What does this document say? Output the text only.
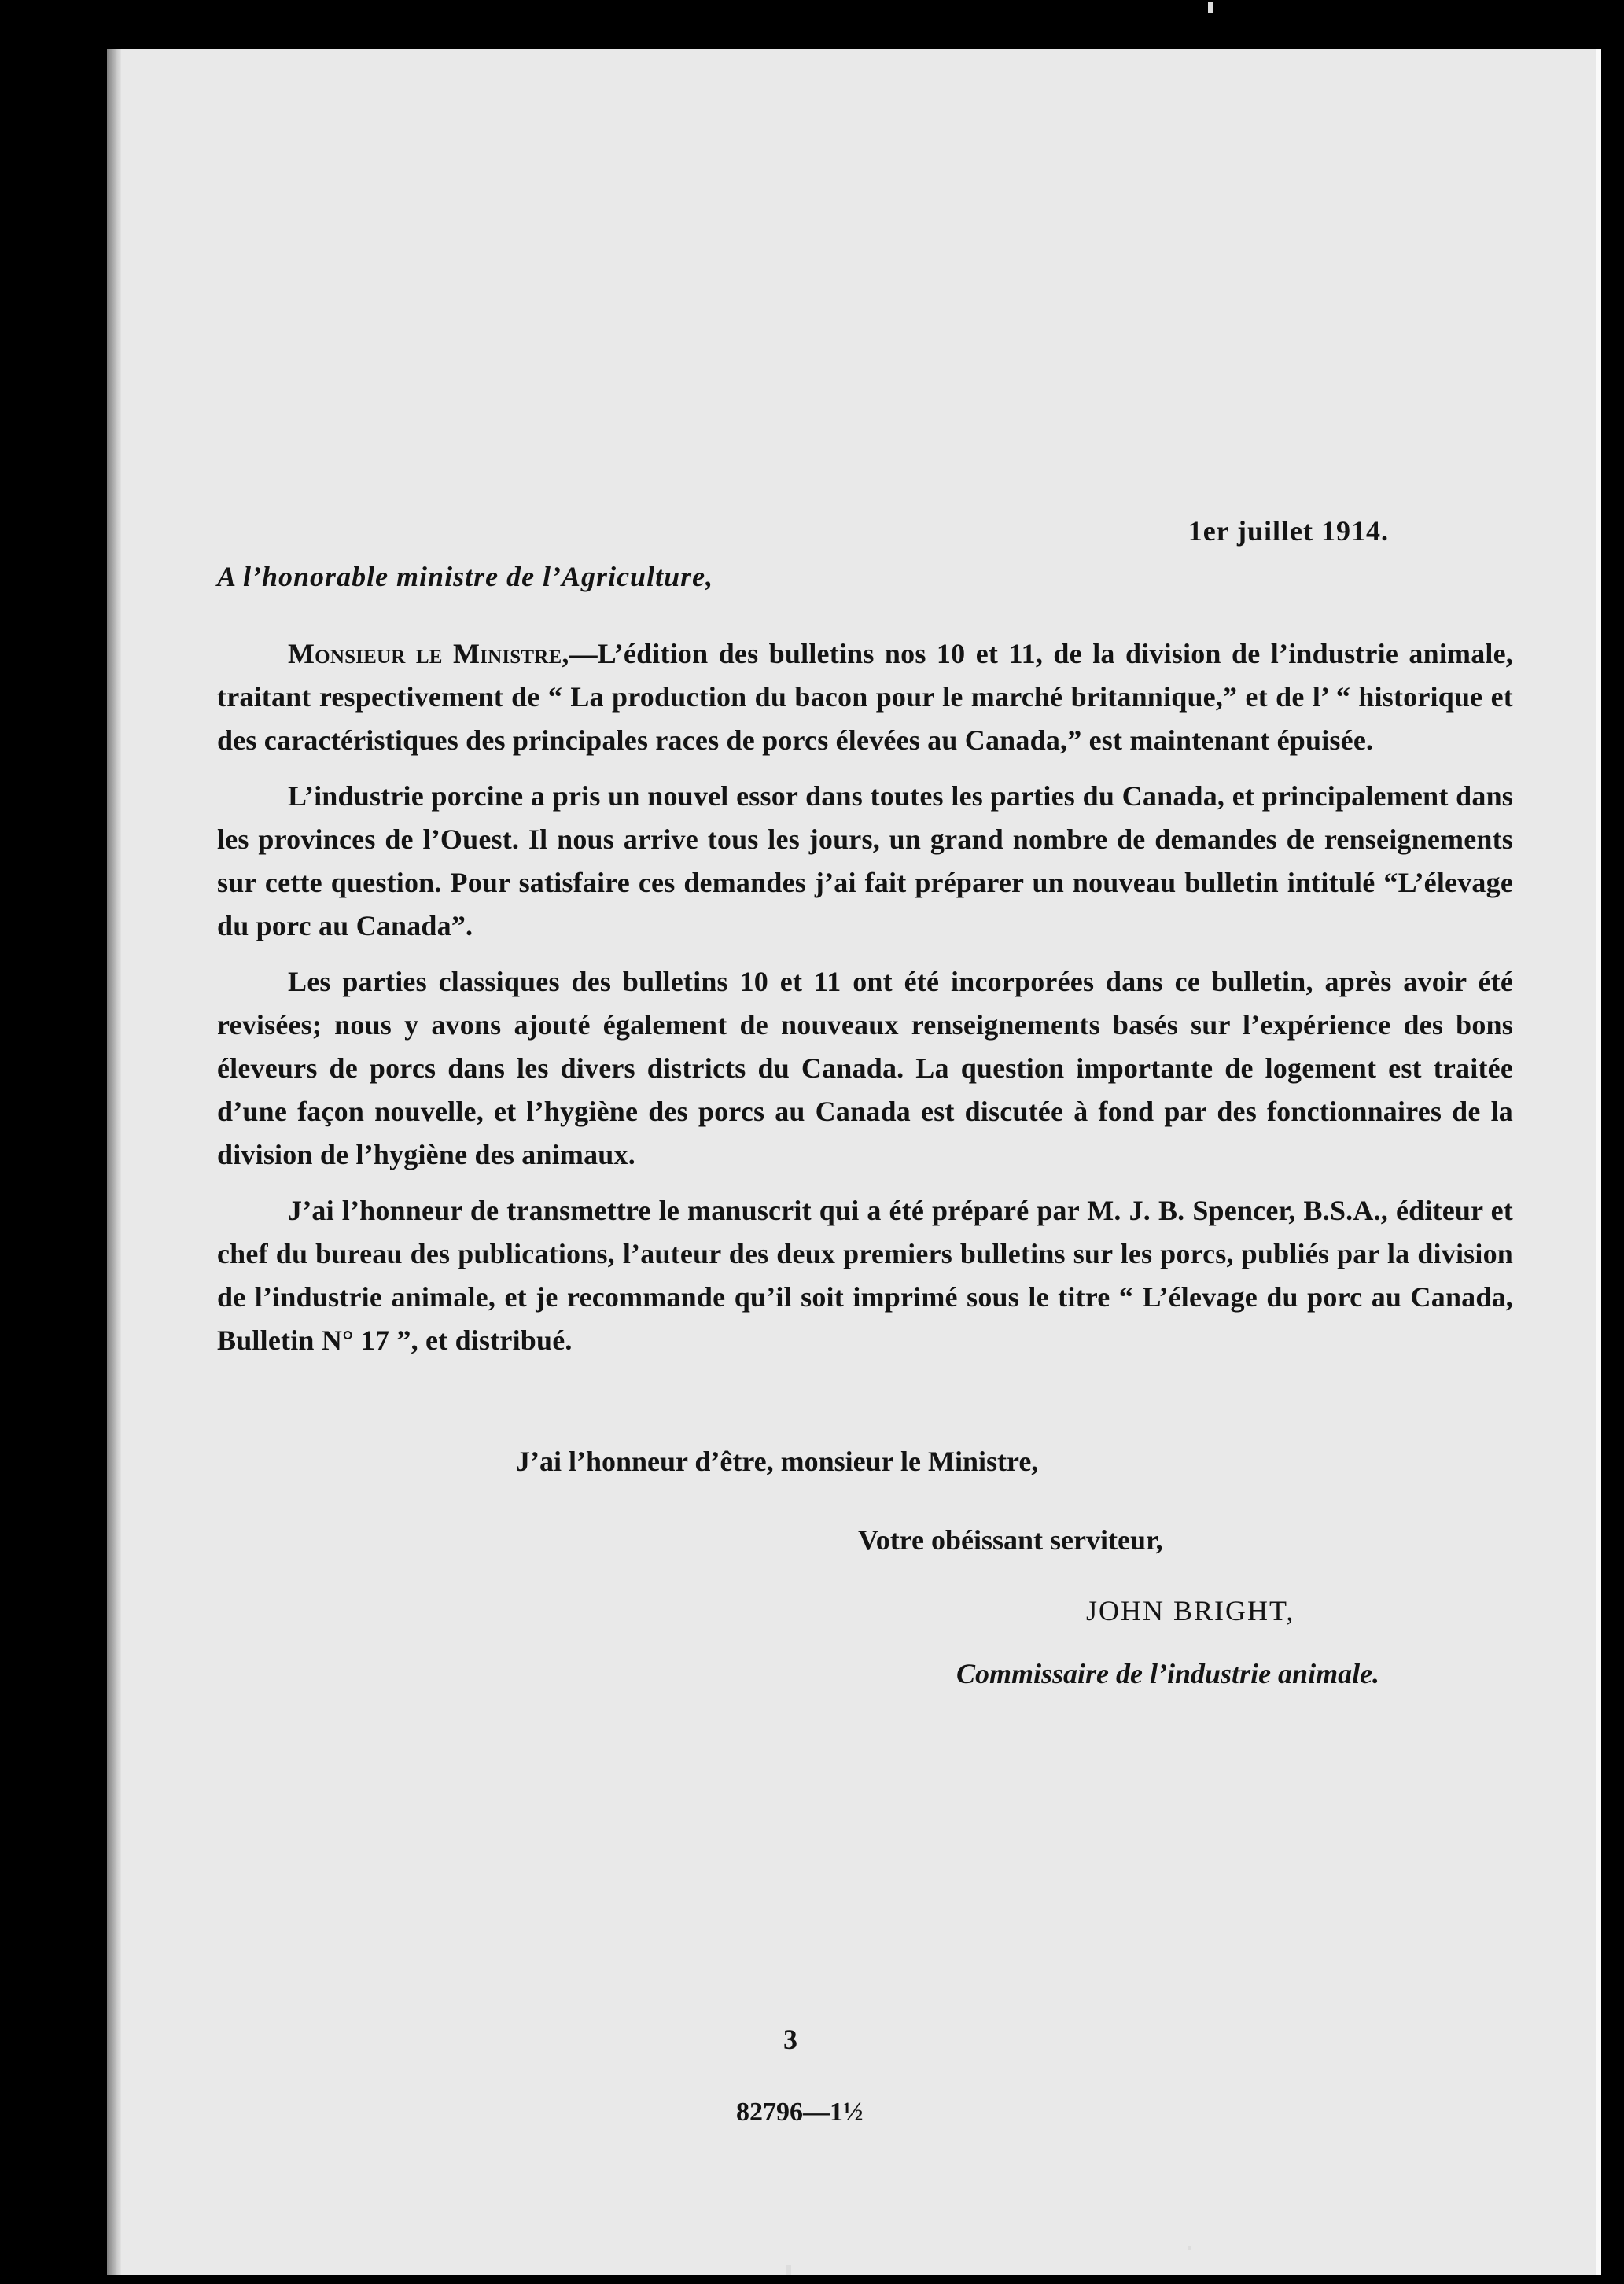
1er juillet 1914.
A l’honorable ministre de l’Agriculture,

Monsieur le Ministre,—L’édition des bulletins nos 10 et 11, de la division de l’industrie animale, traitant respectivement de “ La production du bacon pour le marché britannique,” et de l’ “ historique et des caractéristiques des principales races de porcs élevées au Canada,” est maintenant épuisée.

L’industrie porcine a pris un nouvel essor dans toutes les parties du Canada, et principalement dans les provinces de l’Ouest. Il nous arrive tous les jours, un grand nombre de demandes de renseignements sur cette question. Pour satisfaire ces demandes j’ai fait préparer un nouveau bulletin intitulé “L’élevage du porc au Canada”.

Les parties classiques des bulletins 10 et 11 ont été incorporées dans ce bulletin, après avoir été revisées; nous y avons ajouté également de nouveaux renseignements basés sur l’expérience des bons éleveurs de porcs dans les divers districts du Canada. La question importante de logement est traitée d’une façon nouvelle, et l’hygiène des porcs au Canada est discutée à fond par des fonctionnaires de la division de l’hygiène des animaux.

J’ai l’honneur de transmettre le manuscrit qui a été préparé par M. J. B. Spencer, B.S.A., éditeur et chef du bureau des publications, l’auteur des deux premiers bulletins sur les porcs, publiés par la division de l’industrie animale, et je recommande qu’il soit imprimé sous le titre “ L’élevage du porc au Canada, Bulletin N° 17 ”, et distribué.

J’ai l’honneur d’être, monsieur le Ministre,
Votre obéissant serviteur,
JOHN BRIGHT,
Commissaire de l’industrie animale.
3
82796—1½
